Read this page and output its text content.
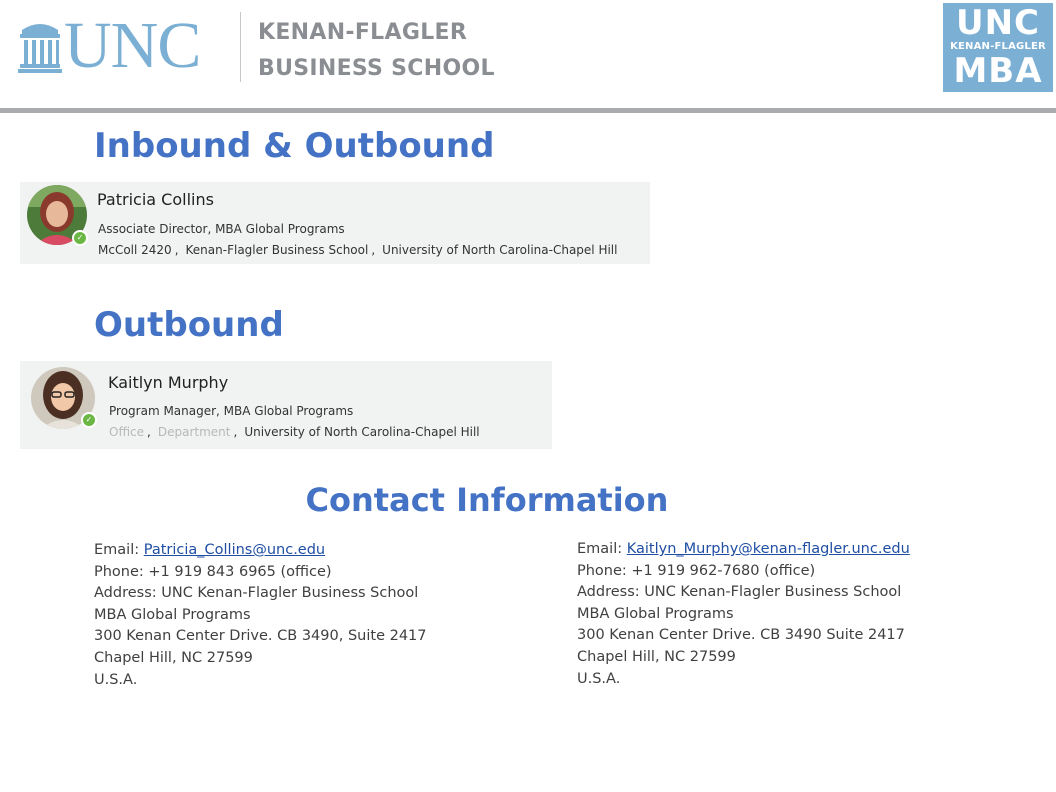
UNC	KENAN-FLAGLER
BUSINESS SCHOOL
UNC
KENAN-FLAGLER
MBA
Inbound & Outbound
✓
Patricia Collins
Associate Director, MBA Global Programs
McColl 2420 , Kenan-Flagler Business School , University of North Carolina-Chapel Hill
Outbound
✓
Kaitlyn Murphy
Program Manager, MBA Global Programs
Office , Department , University of North Carolina-Chapel Hill
Contact Information
Email: Patricia_Collins@unc.edu
Phone: +1 919 843 6965 (office)
Address: UNC Kenan-Flagler Business School
MBA Global Programs
300 Kenan Center Drive. CB 3490, Suite 2417
Chapel Hill, NC 27599
U.S.A.
Email: Kaitlyn_Murphy@kenan-flagler.unc.edu
Phone: +1 919 962-7680 (office)
Address: UNC Kenan-Flagler Business School
MBA Global Programs
300 Kenan Center Drive. CB 3490 Suite 2417
Chapel Hill, NC 27599
U.S.A.
